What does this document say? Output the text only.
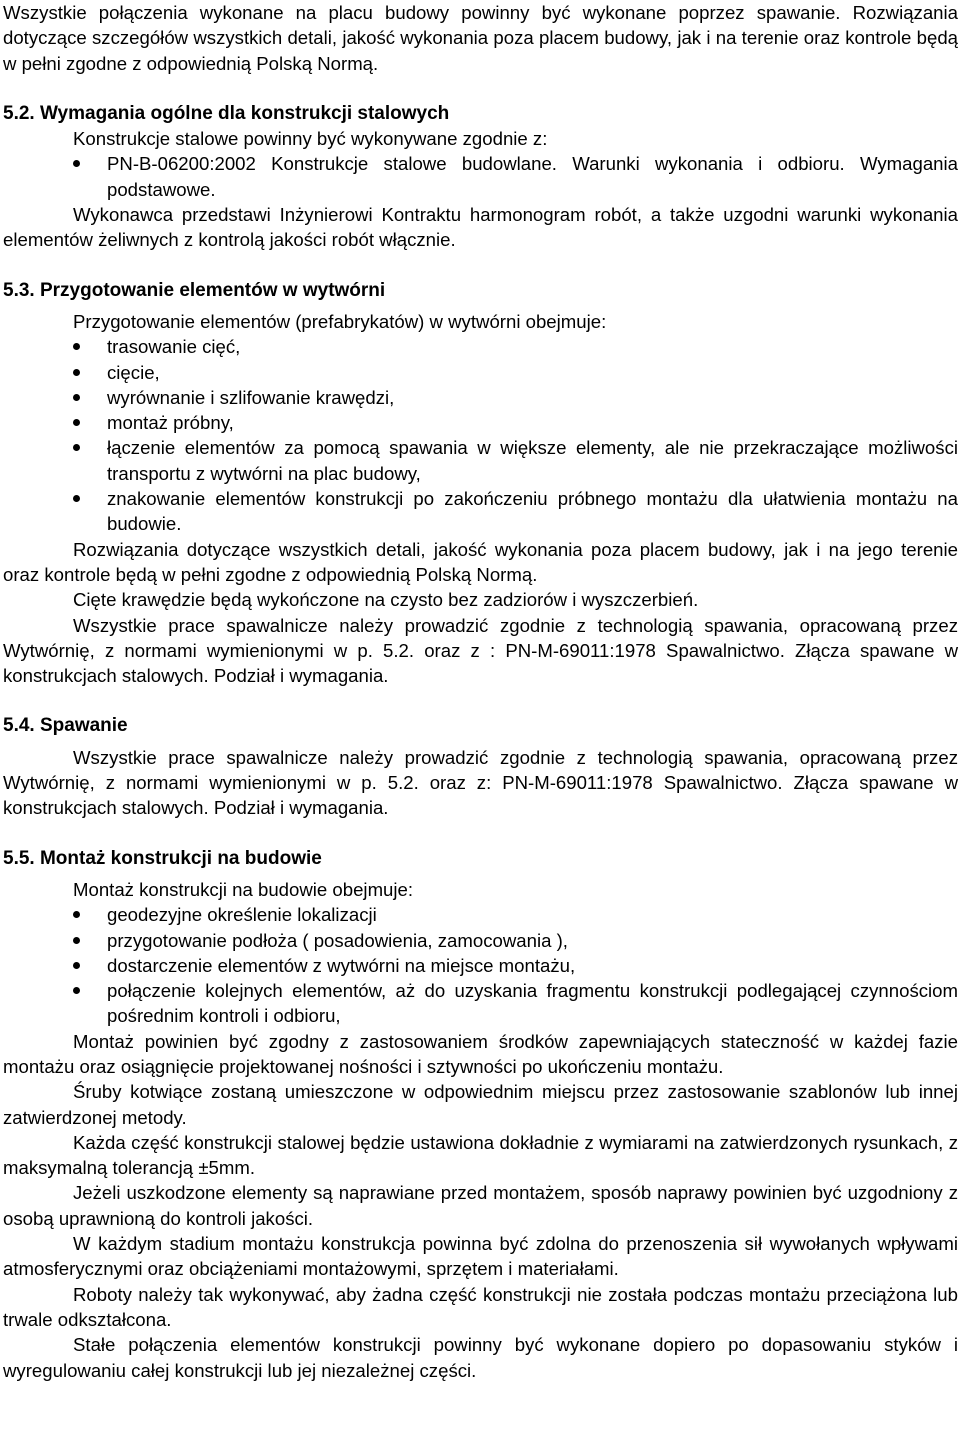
Wszystkie połączenia wykonane na placu budowy powinny być wykonane poprzez spawanie. Rozwiązania dotyczące szczegółów wszystkich detali, jakość wykonania poza placem budowy, jak i na terenie oraz kontrole będą w pełni zgodne z odpowiednią Polską Normą.

5.2. Wymagania ogólne dla konstrukcji stalowych

Konstrukcje stalowe powinny być wykonywane zgodnie z:

PN-B-06200:2002 Konstrukcje stalowe budowlane. Warunki wykonania i odbioru. Wymagania podstawowe.

Wykonawca przedstawi Inżynierowi Kontraktu harmonogram robót, a także uzgodni warunki wykonania elementów żeliwnych z kontrolą jakości robót włącznie.

5.3. Przygotowanie elementów w wytwórni

Przygotowanie elementów (prefabrykatów) w wytwórni obejmuje:

trasowanie cięć,
cięcie,
wyrównanie i szlifowanie krawędzi,
montaż próbny,
łączenie elementów za pomocą spawania w większe elementy, ale nie przekraczające możliwości transportu z wytwórni na plac budowy,
znakowanie elementów konstrukcji po zakończeniu próbnego montażu dla ułatwienia montażu na budowie.

Rozwiązania dotyczące wszystkich detali, jakość wykonania poza placem budowy, jak i na jego terenie oraz kontrole będą w pełni zgodne z odpowiednią Polską Normą.

Cięte krawędzie będą wykończone na czysto bez zadziorów i wyszczerbień.

Wszystkie prace spawalnicze należy prowadzić zgodnie z technologią spawania, opracowaną przez Wytwórnię, z normami wymienionymi w p. 5.2. oraz z : PN-M-69011:1978 Spawalnictwo. Złącza spawane w konstrukcjach stalowych. Podział i wymagania.

5.4. Spawanie

Wszystkie prace spawalnicze należy prowadzić zgodnie z technologią spawania, opracowaną przez Wytwórnię, z normami wymienionymi w p. 5.2. oraz z: PN-M-69011:1978 Spawalnictwo. Złącza spawane w konstrukcjach stalowych. Podział i wymagania.

5.5. Montaż konstrukcji na budowie

Montaż konstrukcji na budowie obejmuje:

geodezyjne określenie lokalizacji
przygotowanie podłoża ( posadowienia, zamocowania ),
dostarczenie elementów z wytwórni na miejsce montażu,
połączenie kolejnych elementów, aż do uzyskania fragmentu konstrukcji podlegającej czynnościom pośrednim kontroli i odbioru,

Montaż powinien być zgodny z zastosowaniem środków zapewniających stateczność w każdej fazie montażu oraz osiągnięcie projektowanej nośności i sztywności po ukończeniu montażu.

Śruby kotwiące zostaną umieszczone w odpowiednim miejscu przez zastosowanie szablonów lub innej zatwierdzonej metody.

Każda część konstrukcji stalowej będzie ustawiona dokładnie z wymiarami na zatwierdzonych rysunkach, z maksymalną tolerancją ±5mm.

Jeżeli uszkodzone elementy są naprawiane przed montażem, sposób naprawy powinien być uzgodniony z osobą uprawnioną do kontroli jakości.

W każdym stadium montażu konstrukcja powinna być zdolna do przenoszenia sił wywołanych wpływami atmosferycznymi oraz obciążeniami montażowymi, sprzętem i materiałami.

Roboty należy tak wykonywać, aby żadna część konstrukcji nie została podczas montażu przeciążona lub trwale odkształcona.

Stałe połączenia elementów konstrukcji powinny być wykonane dopiero po dopasowaniu styków i wyregulowaniu całej konstrukcji lub jej niezależnej części.
